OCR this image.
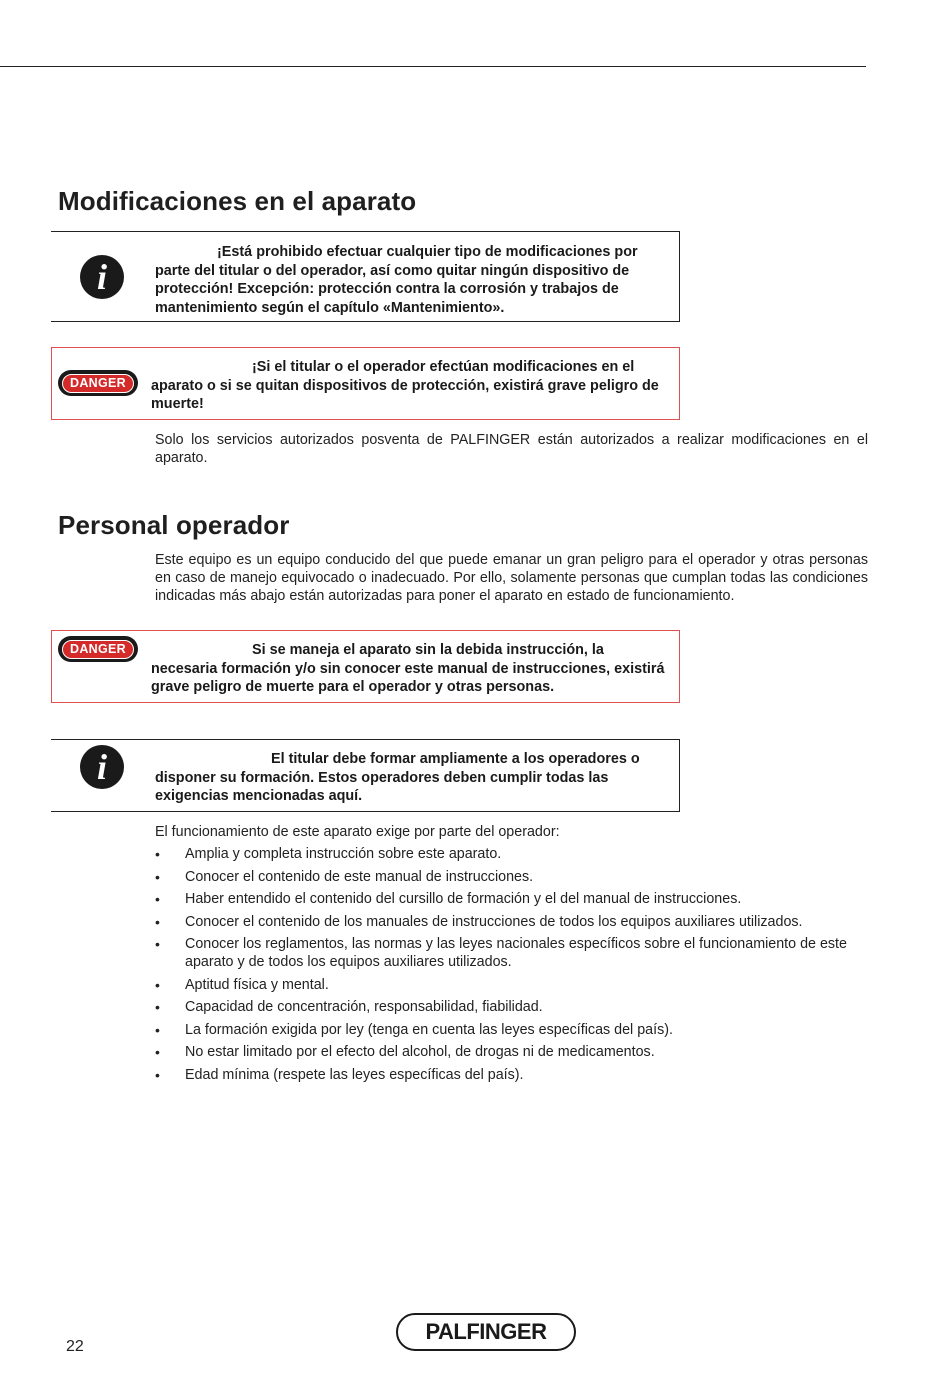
Modificaciones en el aparato
i
¡Está prohibido efectuar cualquier tipo de modificaciones por
parte del titular o del operador, así como quitar ningún dispositivo de protección! Excepción: protección contra la corrosión y trabajos de mantenimiento según el capítulo «Mantenimiento».
DANGER
¡Si el titular o el operador efectúan modificaciones en el
aparato o si se quitan dispositivos de protección, existirá grave peligro de muerte!

Solo los servicios autorizados posventa de PALFINGER están autorizados a realizar modificaciones en el aparato.

Personal operador

Este equipo es un equipo conducido del que puede emanar un gran peligro para el operador y otras personas en caso de manejo equivocado o inadecuado. Por ello, solamente personas que cumplan todas las condiciones indicadas más abajo están autorizadas para poner el aparato en estado de funcionamiento.

DANGER	Si se maneja el aparato sin la debida instrucción, la
necesaria formación y/o sin conocer este manual de instrucciones, existirá grave peligro de muerte para el operador y otras personas.
i	El titular debe formar ampliamente a los operadores o
disponer su formación. Estos operadores deben cumplir todas las exigencias mencionadas aquí.

El funcionamiento de este aparato exige por parte del operador:

• Amplia y completa instrucción sobre este aparato.
• Conocer el contenido de este manual de instrucciones.
• Haber entendido el contenido del cursillo de formación y el del manual de instrucciones.
• Conocer el contenido de los manuales de instrucciones de todos los equipos auxiliares utilizados.
• Conocer los reglamentos, las normas y las leyes nacionales específicos sobre el funcionamiento de este aparato y de todos los equipos auxiliares utilizados.
• Aptitud física y mental.
• Capacidad de concentración, responsabilidad, fiabilidad.
• La formación exigida por ley (tenga en cuenta las leyes específicas del país).
• No estar limitado por el efecto del alcohol, de drogas ni de medicamentos.
• Edad mínima (respete las leyes específicas del país).
22
PALFINGER
